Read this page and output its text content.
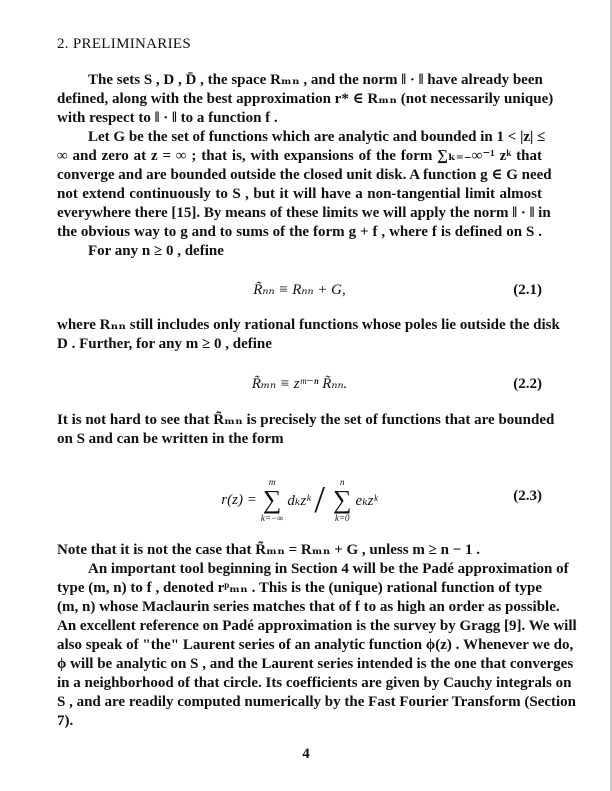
2. PRELIMINARIES
The sets S , D , D̄ , the space Rₘₙ , and the norm ‖ · ‖ have already been
defined, along with the best approximation r* ∈ Rₘₙ (not necessarily unique)
with respect to ‖ · ‖ to a function f .
Let G be the set of functions which are analytic and bounded in 1 < |z| ≤
∞ and zero at z = ∞ ; that is, with expansions of the form ∑ₖ₌₋∞⁻¹ zᵏ that
converge and are bounded outside the closed unit disk. A function g ∈ G need
not extend continuously to S , but it will have a non-tangential limit almost
everywhere there [15]. By means of these limits we will apply the norm ‖ · ‖ in
the obvious way to g and to sums of the form g + f , where f is defined on S .
For any n ≥ 0 , define
R̃ₙₙ ≡ Rₙₙ + G,	(2.1)
where Rₙₙ still includes only rational functions whose poles lie outside the disk
D . Further, for any m ≥ 0 , define
R̃ₘₙ ≡ zᵐ⁻ⁿ R̃ₙₙ.	(2.2)
It is not hard to see that R̃ₘₙ is precisely the set of functions that are bounded
on S and can be written in the form
r(z) =
m
∑
k=−∞
dₖzᵏ / n
∑
k=0
eₖzᵏ	(2.3)
Note that it is not the case that R̃ₘₙ = Rₘₙ + G , unless m ≥ n − 1 .
An important tool beginning in Section 4 will be the Padé approximation of
type (m, n) to f , denoted rᵖₘₙ . This is the (unique) rational function of type
(m, n) whose Maclaurin series matches that of f to as high an order as possible.
An excellent reference on Padé approximation is the survey by Gragg [9]. We will
also speak of "the" Laurent series of an analytic function ϕ(z) . Whenever we do,
ϕ will be analytic on S , and the Laurent series intended is the one that converges
in a neighborhood of that circle. Its coefficients are given by Cauchy integrals on
S , and are readily computed numerically by the Fast Fourier Transform (Section
7).
4
